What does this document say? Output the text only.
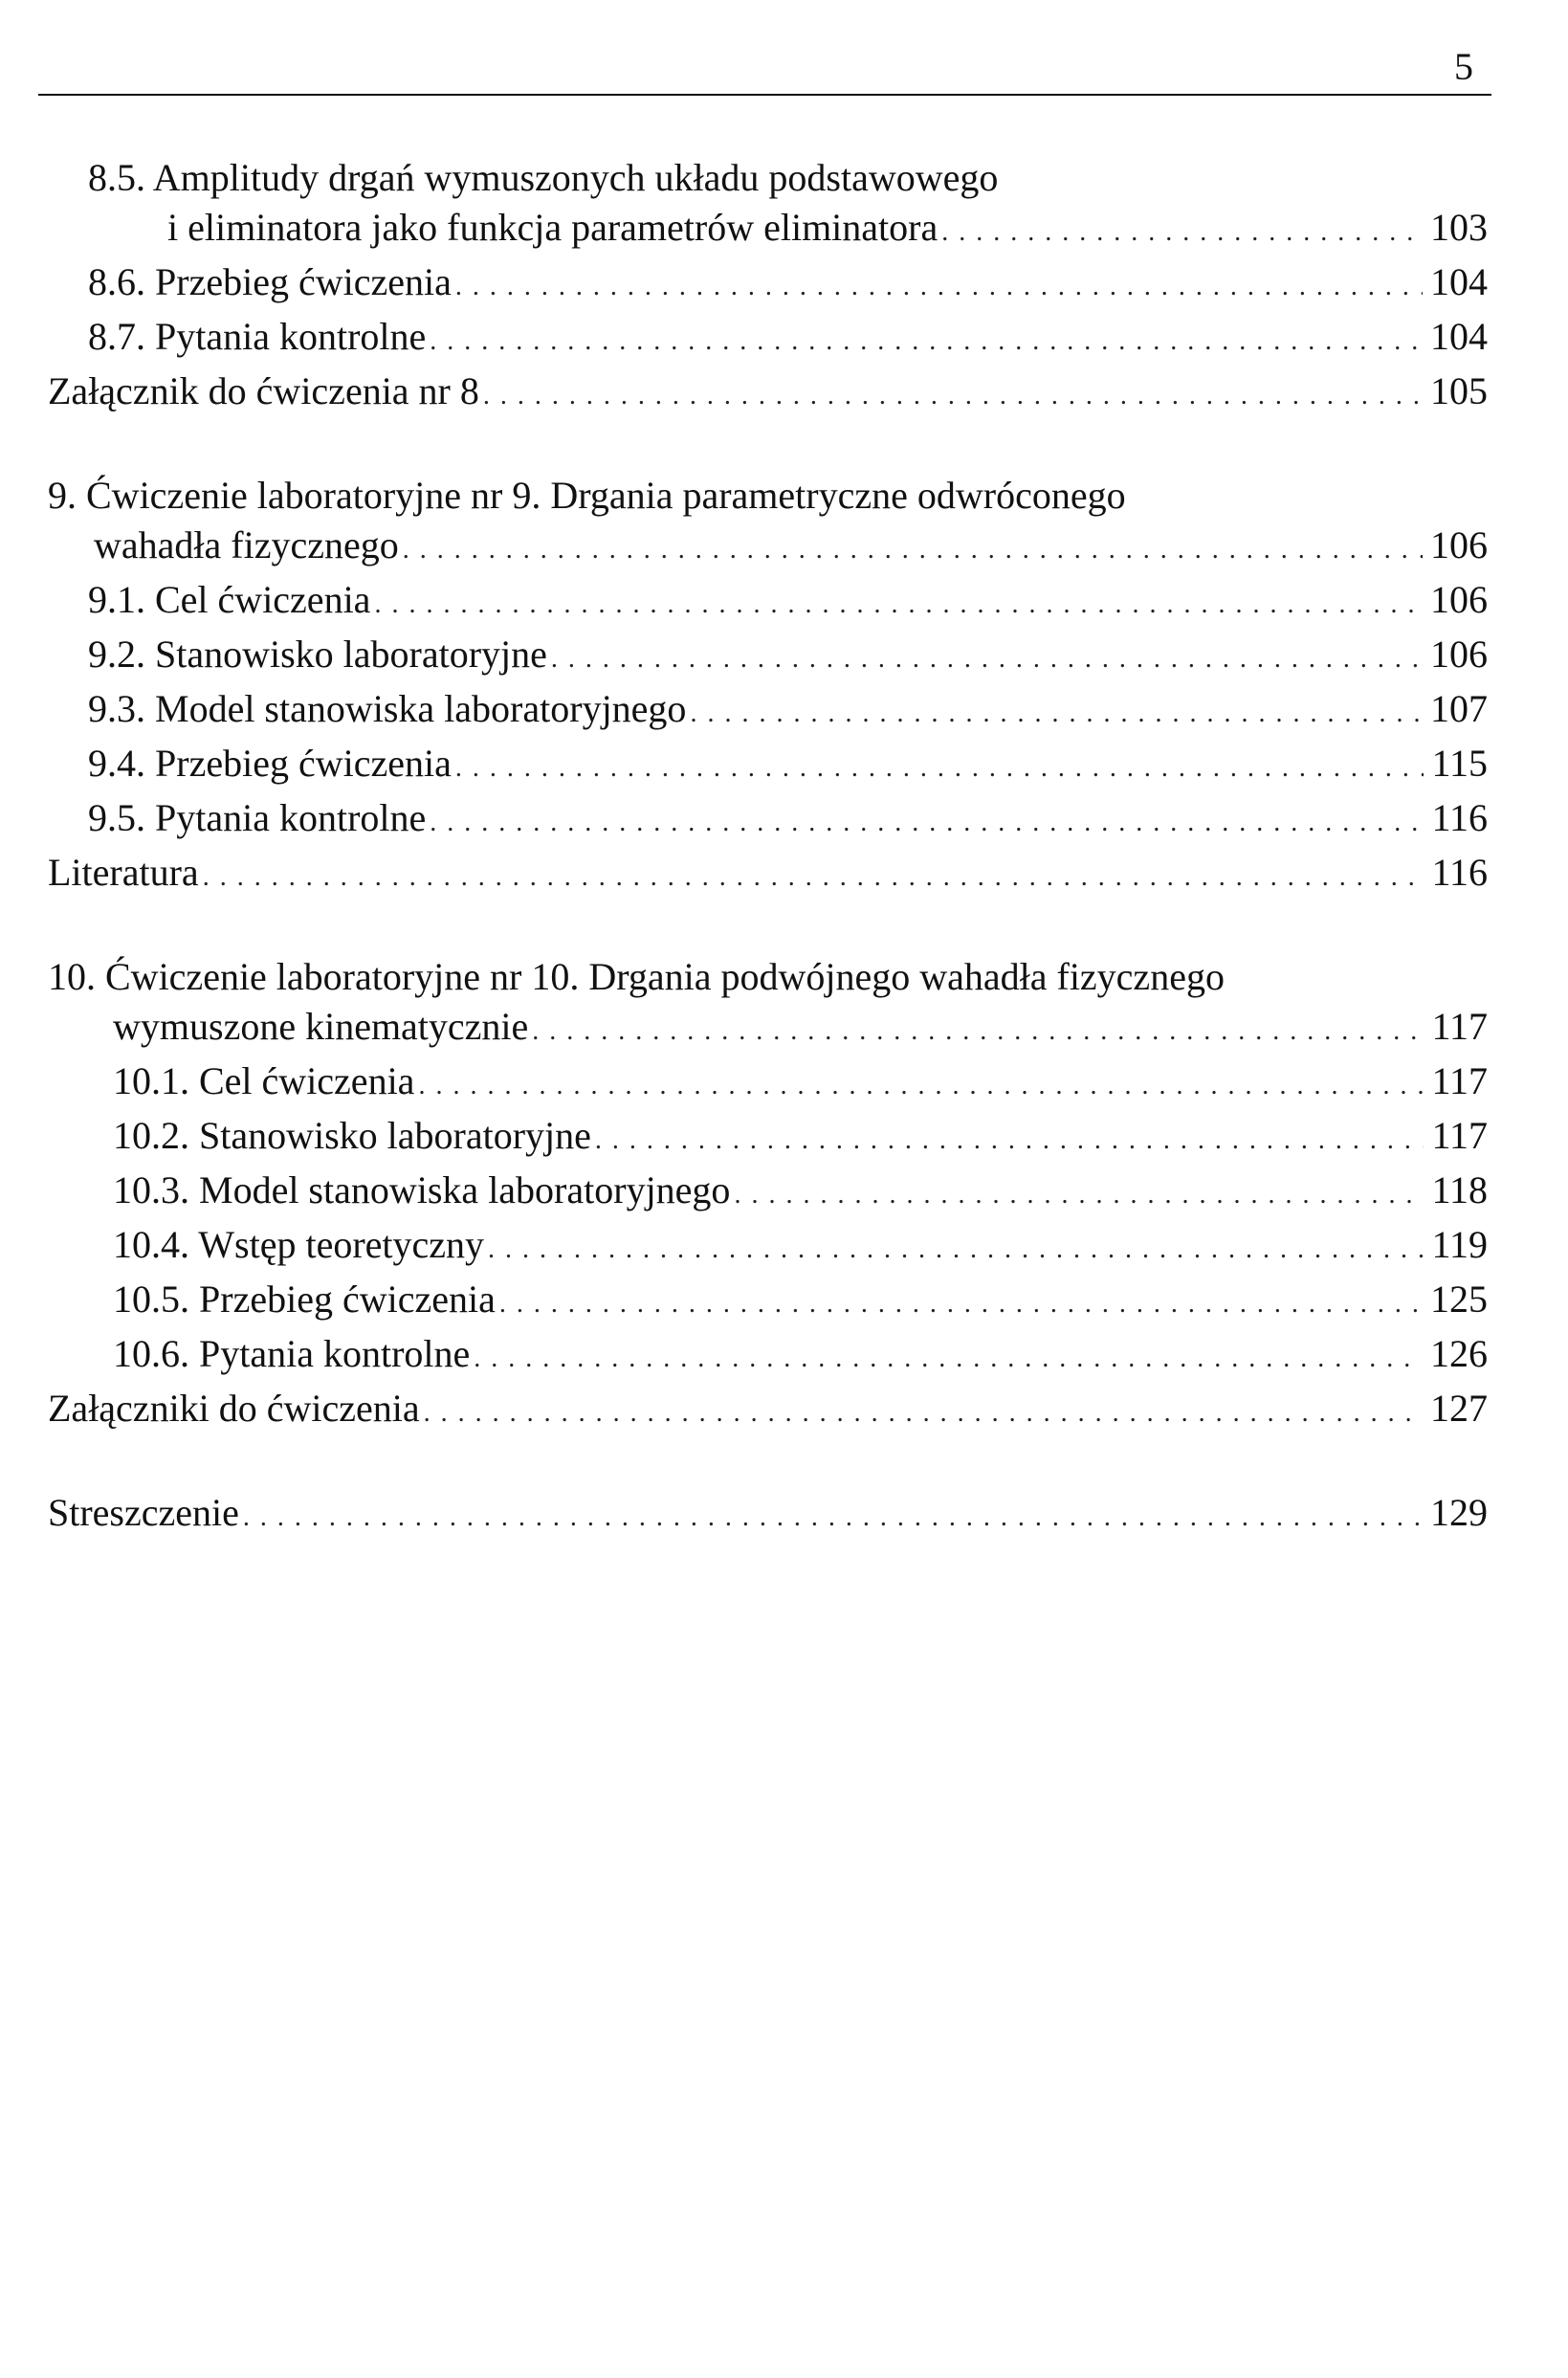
5
8.5. Amplitudy drgań wymuszonych układu podstawowego
i eliminatora jako funkcja parametrów eliminatora . . .	103
8.6. Przebieg ćwiczenia . . .	104
8.7. Pytania kontrolne . . .	104
Załącznik do ćwiczenia nr 8 . . .	105
9. Ćwiczenie laboratoryjne nr 9. Drgania parametryczne odwróconego
wahadła fizycznego . . .	106
9.1. Cel ćwiczenia . . .	106
9.2. Stanowisko laboratoryjne . . .	106
9.3. Model stanowiska laboratoryjnego . . .	107
9.4. Przebieg ćwiczenia . . .	115
9.5. Pytania kontrolne . . .	116
Literatura . . .	116
10. Ćwiczenie laboratoryjne nr 10. Drgania podwójnego wahadła fizycznego
wymuszone kinematycznie . . .	117
10.1. Cel ćwiczenia . . .	117
10.2. Stanowisko laboratoryjne . . .	117
10.3. Model stanowiska laboratoryjnego . . .	118
10.4. Wstęp teoretyczny . . .	119
10.5. Przebieg ćwiczenia . . .	125
10.6. Pytania kontrolne . . .	126
Załączniki do ćwiczenia . . .	127
Streszczenie . . .	129
